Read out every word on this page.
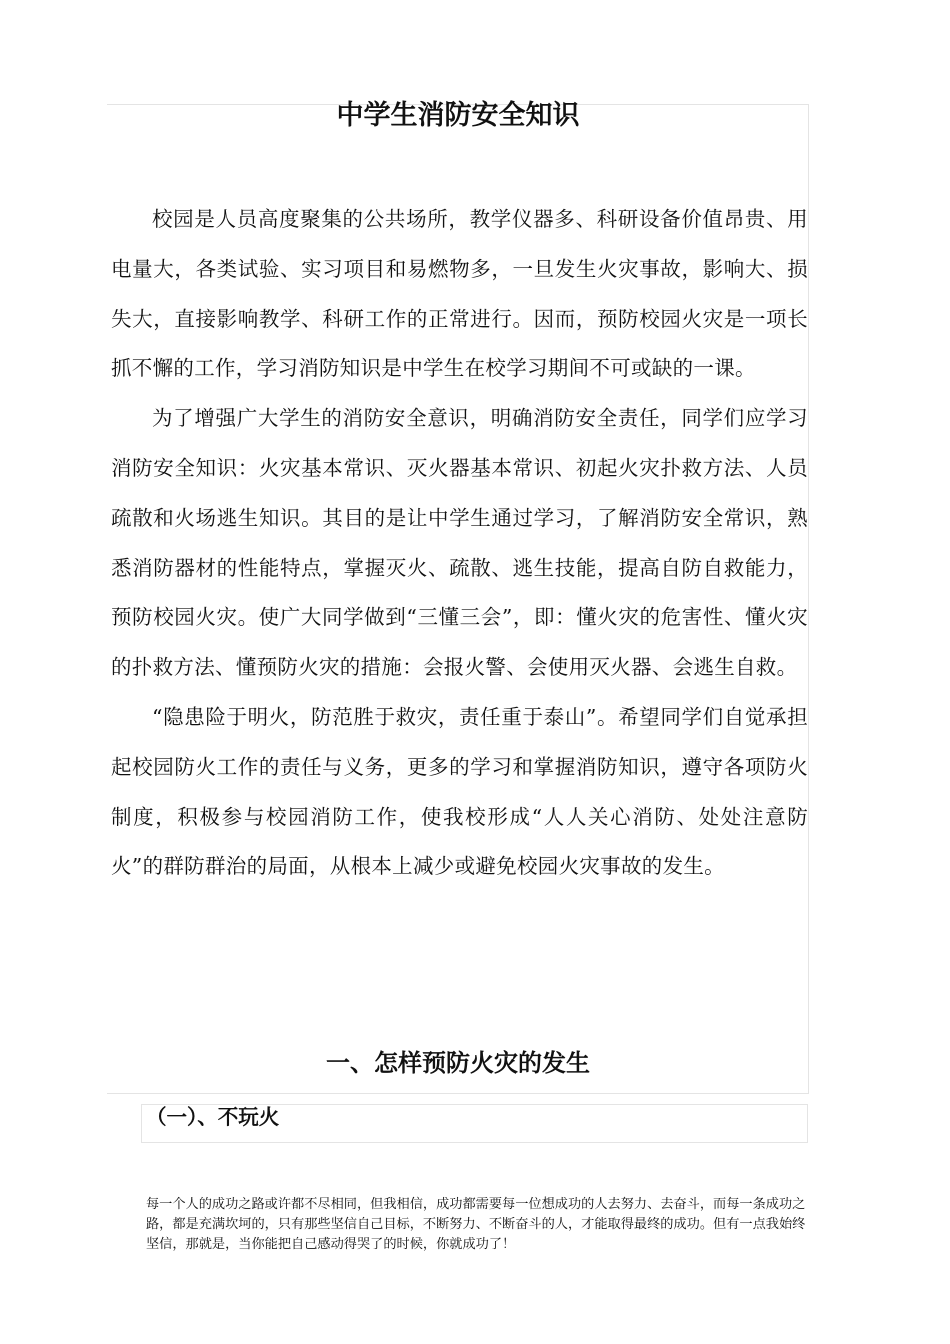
中学生消防安全知识

校园是人员高度聚集的公共场所，教学仪器多、科研设备价值昂贵、用电量大，各类试验、实习项目和易燃物多，一旦发生火灾事故，影响大、损失大，直接影响教学、科研工作的正常进行。因而，预防校园火灾是一项长抓不懈的工作，学习消防知识是中学生在校学习期间不可或缺的一课。

为了增强广大学生的消防安全意识，明确消防安全责任，同学们应学习消防安全知识：火灾基本常识、灭火器基本常识、初起火灾扑救方法、人员疏散和火场逃生知识。其目的是让中学生通过学习，了解消防安全常识，熟悉消防器材的性能特点，掌握灭火、疏散、逃生技能，提高自防自救能力，预防校园火灾。使广大同学做到“三懂三会”，即：懂火灾的危害性、懂火灾的扑救方法、懂预防火灾的措施：会报火警、会使用灭火器、会逃生自救。

“隐患险于明火，防范胜于救灾，责任重于泰山”。希望同学们自觉承担起校园防火工作的责任与义务，更多的学习和掌握消防知识，遵守各项防火制度，积极参与校园消防工作，使我校形成“人人关心消防、处处注意防火”的群防群治的局面，从根本上减少或避免校园火灾事故的发生。

一、怎样预防火灾的发生
（一）、不玩火

每一个人的成功之路或许都不尽相同，但我相信，成功都需要每一位想成功的人去努力、去奋斗，而每一条成功之路，都是充满坎坷的，只有那些坚信自己目标，不断努力、不断奋斗的人，才能取得最终的成功。但有一点我始终坚信，那就是，当你能把自己感动得哭了的时候，你就成功了！
